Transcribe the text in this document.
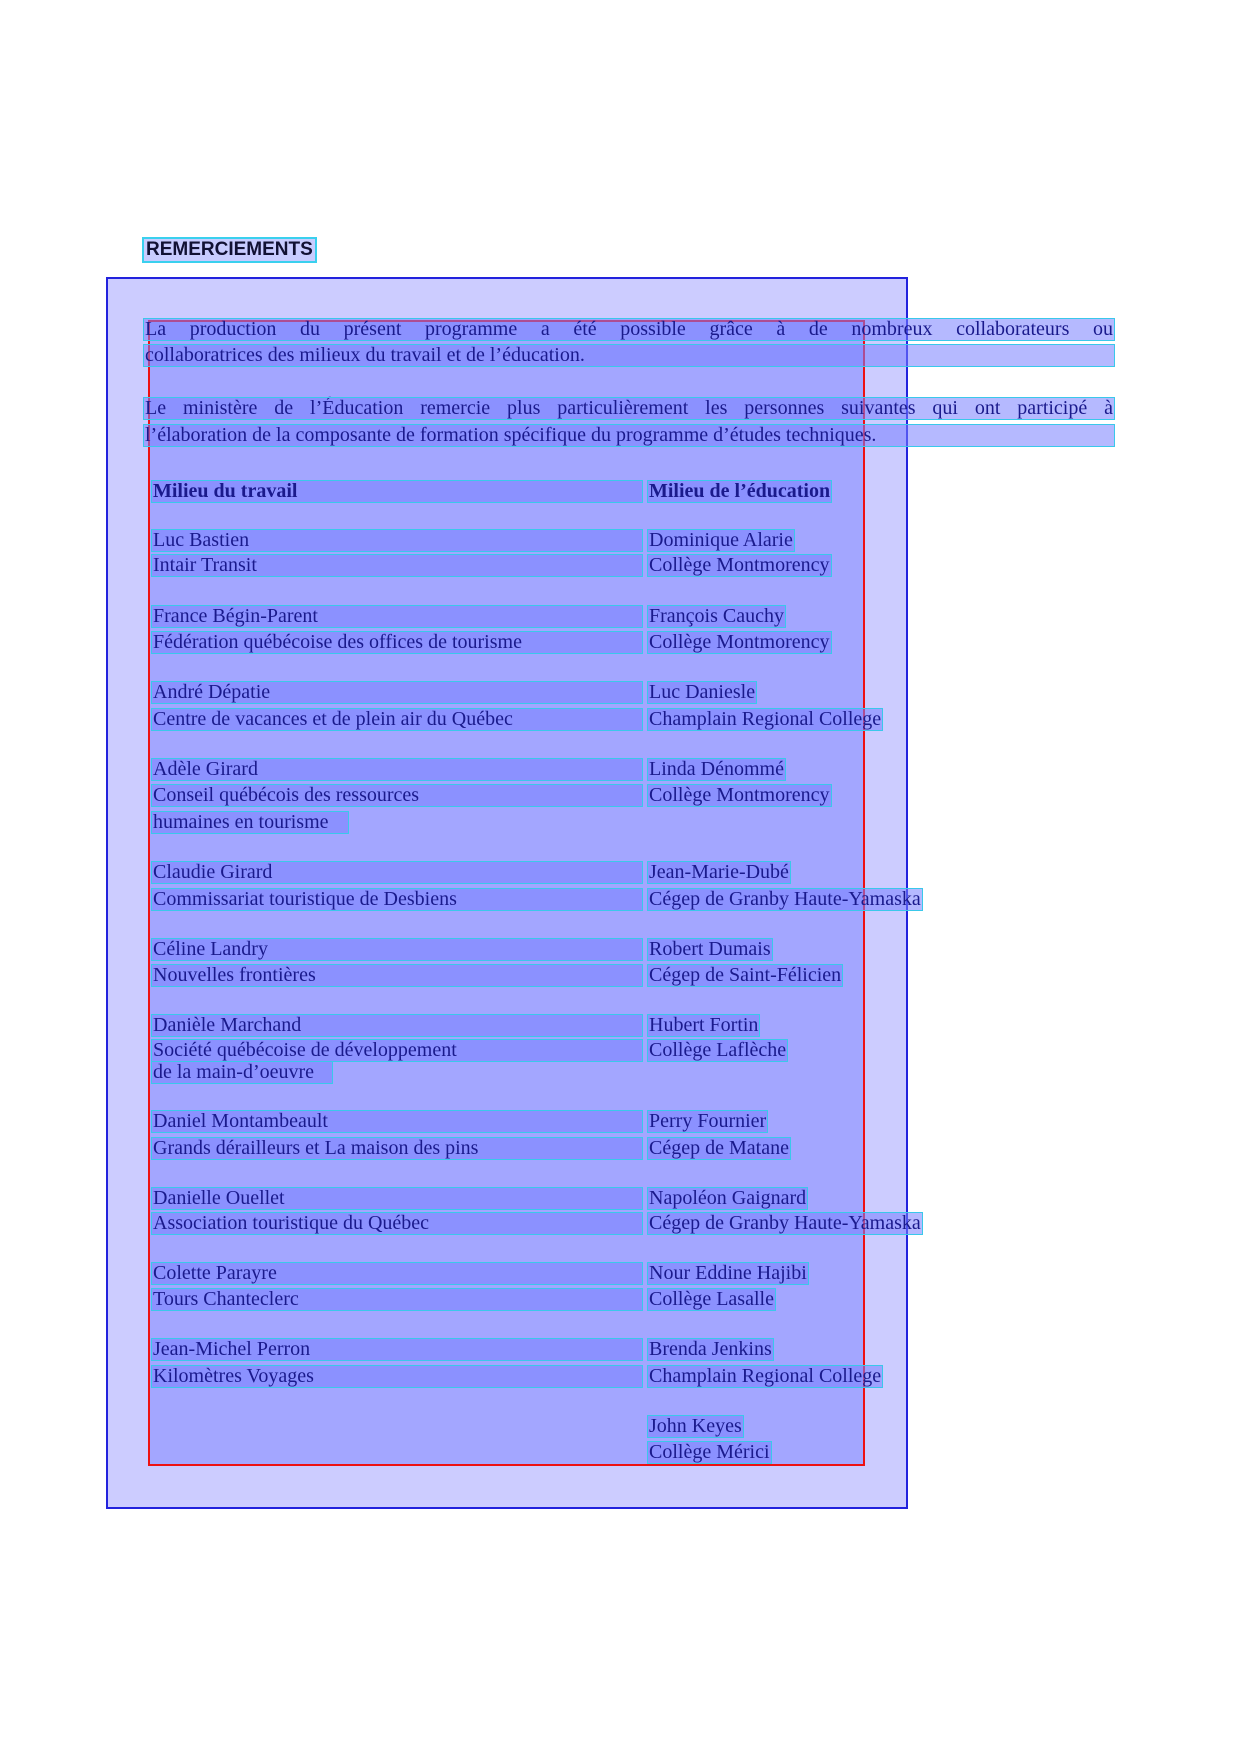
REMERCIEMENTS
La production du présent programme a été possible grâce à de nombreux collaborateurs ou
collaboratrices des milieux du travail et de l’éducation.
Le ministère de l’Éducation remercie plus particulièrement les personnes suivantes qui ont participé à
l’élaboration de la composante de formation spécifique du programme d’études techniques.
Milieu du travail	Milieu de l’éducation
Luc Bastien
Intair Transit
France Bégin-Parent
Fédération québécoise des offices de tourisme
André Dépatie
Centre de vacances et de plein air du Québec
Adèle Girard
Conseil québécois des ressources
humaines en tourisme
Claudie Girard
Commissariat touristique de Desbiens
Céline Landry
Nouvelles frontières
Danièle Marchand
Société québécoise de développement
de la main-d’oeuvre
Daniel Montambeault
Grands dérailleurs et La maison des pins
Danielle Ouellet
Association touristique du Québec
Colette Parayre
Tours Chanteclerc
Jean-Michel Perron
Kilomètres Voyages
Dominique Alarie
Collège Montmorency
François Cauchy
Collège Montmorency
Luc Daniesle
Champlain Regional College
Linda Dénommé
Collège Montmorency
Jean-Marie-Dubé
Cégep de Granby Haute-Yamaska
Robert Dumais
Cégep de Saint-Félicien
Hubert Fortin
Collège Laflèche
Perry Fournier
Cégep de Matane
Napoléon Gaignard
Cégep de Granby Haute-Yamaska
Nour Eddine Hajibi
Collège Lasalle
Brenda Jenkins
Champlain Regional College
John Keyes
Collège Mérici
